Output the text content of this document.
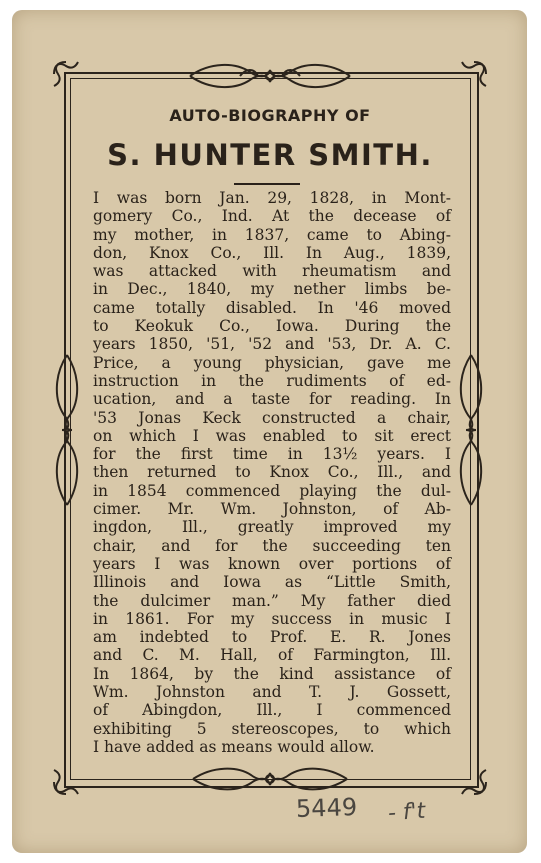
AUTO-BIOGRAPHY OF
S. HUNTER SMITH.
I was born Jan. 29, 1828, in Mont-
gomery Co., Ind. At the decease of
my mother, in 1837, came to Abing-
don, Knox Co., Ill. In Aug., 1839,
was attacked with rheumatism and
in Dec., 1840, my nether limbs be-
came totally disabled. In '46 moved
to Keokuk Co., Iowa. During the
years 1850, '51, '52 and '53, Dr. A. C.
Price, a young physician, gave me
instruction in the rudiments of ed-
ucation, and a taste for reading. In
'53 Jonas Keck constructed a chair,
on which I was enabled to sit erect
for the first time in 13½ years. I
then returned to Knox Co., Ill., and
in 1854 commenced playing the dul-
cimer. Mr. Wm. Johnston, of Ab-
ingdon, Ill., greatly improved my
chair, and for the succeeding ten
years I was known over portions of
Illinois and Iowa as “Little Smith,
the dulcimer man.” My father died
in 1861. For my success in music I
am indebted to Prof. E. R. Jones
and C. M. Hall, of Farmington, Ill.
In 1864, by the kind assistance of
Wm. Johnston and T. J. Gossett,
of Abingdon, Ill., I commenced
exhibiting 5 stereoscopes, to which
I have added as means would allow.
5449 - f't
